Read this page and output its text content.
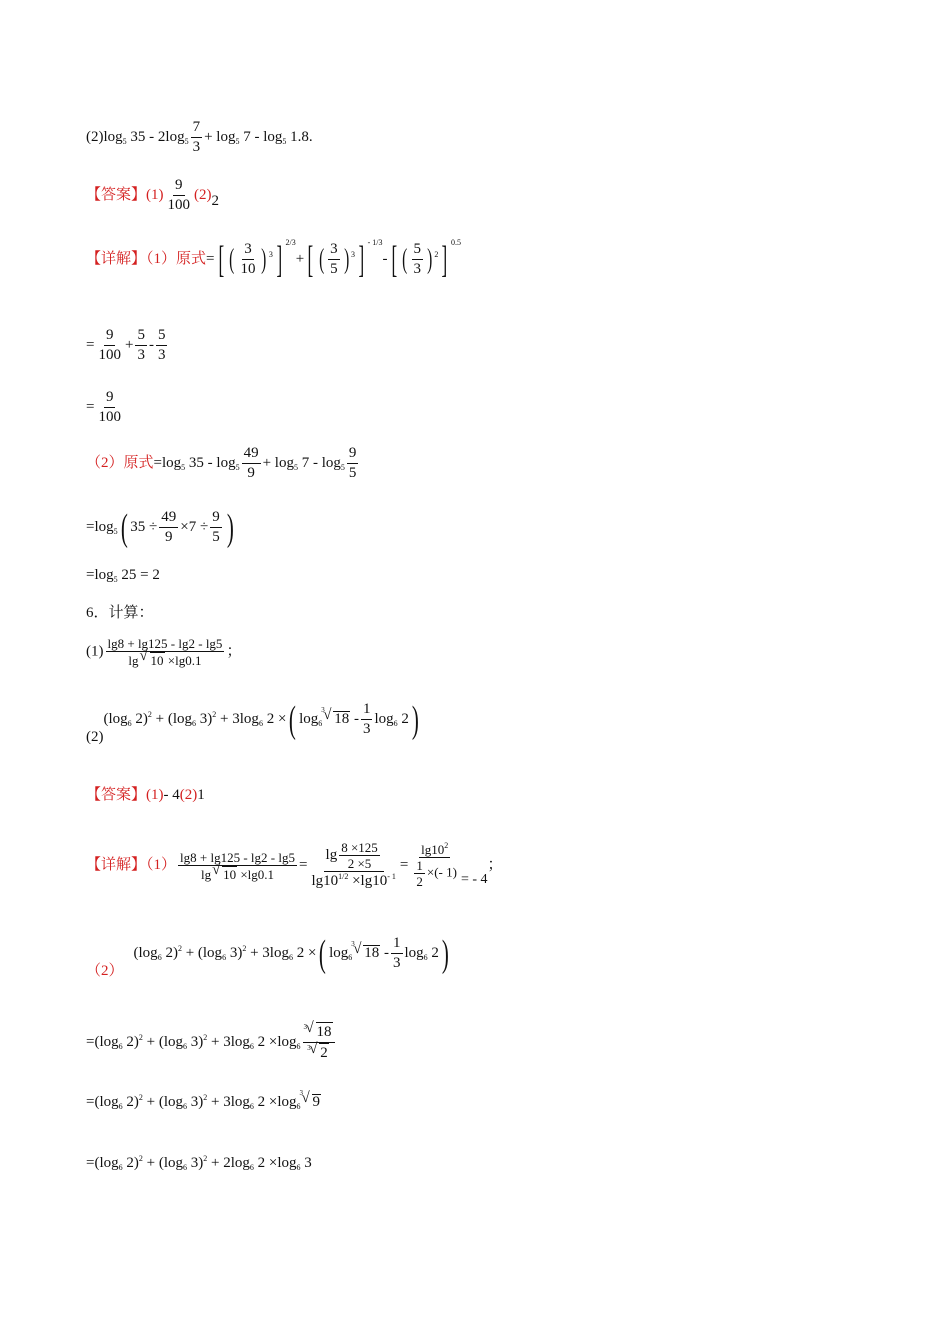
$(2)\log_5$ $35 - 2\log_5 \frac{7}{3} + \log_5 7 - \log_5 1.8$.
【答案】$(1) \frac{9}{100} (2)2$
【详解】（1）原式=[ ( $\frac{3}{10}$ ) $^3$] $^{2/3}$+[ ( $\frac{3}{5}$ ) $^3$] $^{- 1/3}$-[ ( $\frac{5}{3}$ ) $^2$] $^{0.5}$
= $\frac{9}{100} + \frac{5}{3} - \frac{5}{3}$
= $\frac{9}{100}$
（2）原式$=\log_5$ $35 - \log_5 \frac{49}{9} + \log_5 7 - \log_5 \frac{9}{5}$
$=\log_5$( $35 \div \frac{49}{9} \times 7 \div \frac{9}{5}$ )
$=\log_5$ 25 = 2
6．计算：
$(1) \frac{\lg 8 + \lg 125 - \lg 2 - \lg 5}{\lg √ 10 \times\lg 0.1}$ ；
$(2)(\log_6$ $2)^2 + (\log_6$ $3)^2 + 3\log_6$ 2 ×( $\log_6$
√ 3
$18 - \frac{1}{3} \log_6 2$)
【答案】(1)- 4(2)1
【详解】$(1) \frac{\lg 8 + \lg 125 - \lg 2 - \lg 5}{\lg √ 10 \times\lg 0.1} = \frac{\lg \frac{8 \times 125}{2 \times 5}}{\lg 10^{1/2} \times\lg 10^{- 1}} = \frac{\lg 10^2}{\frac{1}{2} \times(- 1)}$ = - 4；
$(2)(\log_6$ $2)^2 + (\log_6$ $3)^2 + 3\log_6$ 2 ×( $\log_6$
√ 3
$18 - \frac{1}{3} \log_6 2$)
$=(\log_6$ $2)^2 + (\log_6$ $3)^2 + 3\log_6$ $2 \times\log_6$ √ 3 18
√ 3 2
$=(\log_6$ $2)^2 + (\log_6$ $3)^2 + 3\log_6$ $2 \times\log_6$
√ 3
9
$=(\log_6$ $2)^2 + (\log_6$ $3)^2 + 2\log_6$ $2 \times\log_6$ 3
